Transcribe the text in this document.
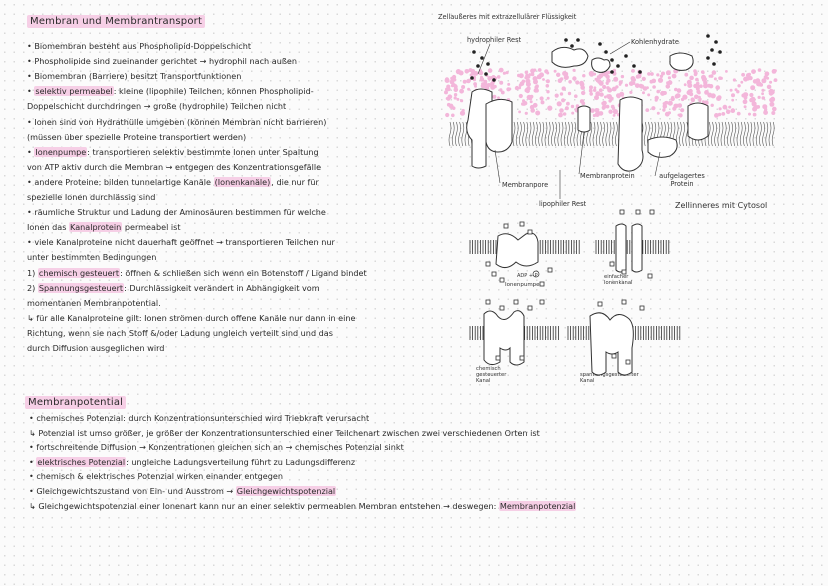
Membran und Membrantransport
• Biomembran besteht aus Phospholipid-Doppelschicht
• Phospholipide sind zueinander gerichtet → hydrophil nach außen
• Biomembran (Barriere) besitzt Transportfunktionen
• selektiv permeabel: kleine (lipophile) Teilchen, können Phospholipid-
Doppelschicht durchdringen → große (hydrophile) Teilchen nicht
• Ionen sind von Hydrathülle umgeben (können Membran nicht barrieren)
(müssen über spezielle Proteine transportiert werden)
• Ionenpumpe: transportieren selektiv bestimmte Ionen unter Spaltung
von ATP aktiv durch die Membran → entgegen des Konzentrationsgefälle
• andere Proteine: bilden tunnelartige Kanäle (Ionenkanäle), die nur für
spezielle Ionen durchlässig sind
• räumliche Struktur und Ladung der Aminosäuren bestimmen für welche
Ionen das Kanalprotein permeabel ist
• viele Kanalproteine nicht dauerhaft geöffnet → transportieren Teilchen nur
unter bestimmten Bedingungen
1) chemisch gesteuert: öffnen & schließen sich wenn ein Botenstoff / Ligand bindet
2) Spannungsgesteuert: Durchlässigkeit verändert in Abhängigkeit vom
momentanen Membranpotential.
↳ für alle Kanalproteine gilt: Ionen strömen durch offene Kanäle nur dann in eine
Richtung, wenn sie nach Stoff &/oder Ladung ungleich verteilt sind und das
durch Diffusion ausgeglichen wird
Membranpotential
• chemisches Potenzial: durch Konzentrationsunterschied wird Triebkraft verursacht
↳ Potenzial ist umso größer, je größer der Konzentrationsunterschied einer Teilchenart zwischen zwei verschiedenen Orten ist
• fortschreitende Diffusion → Konzentrationen gleichen sich an → chemisches Potenzial sinkt
• elektrisches Potenzial: ungleiche Ladungsverteilung führt zu Ladungsdifferenz
• chemisch & elektrisches Potenzial wirken einander entgegen
• Gleichgewichtszustand von Ein- und Ausstrom → Gleichgewichtspotenzial
↳ Gleichgewichtspotenzial einer Ionenart kann nur an einer selektiv permeablen Membran entstehen → deswegen: Membranpotenzial
Zellaußeres mit extrazellulärer Flüssigkeit
hydrophiler Rest	Kohlenhydrate
Membranpore
Membranprotein	aufgelagertes Protein
lipophiler Rest	Zellinneres mit Cytosol
ADP + P
Ionenpumpe
einfacher Ionenkanal
chemisch gesteuerter Kanal
spannungsgesteuerter Kanal
